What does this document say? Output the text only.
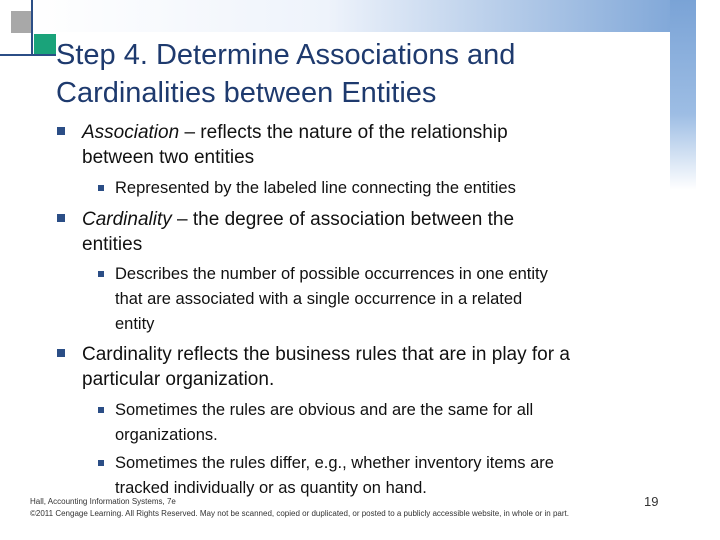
Step 4. Determine Associations and
Cardinalities between Entities
Association – reflects the nature of the relationship
between two entities
Represented by the labeled line connecting the entities
Cardinality – the degree of association between the
entities
Describes the number of possible occurrences in one entity
that are associated with a single occurrence in a related
entity
Cardinality reflects the business rules that are in play for a
particular organization.
Sometimes the rules are obvious and are the same for all
organizations.
Sometimes the rules differ, e.g., whether inventory items are
tracked individually or as quantity on hand.
Hall, Accounting Information Systems, 7e
©2011 Cengage Learning. All Rights Reserved. May not be scanned, copied or duplicated, or posted to a publicly accessible website, in whole or in part.
19
